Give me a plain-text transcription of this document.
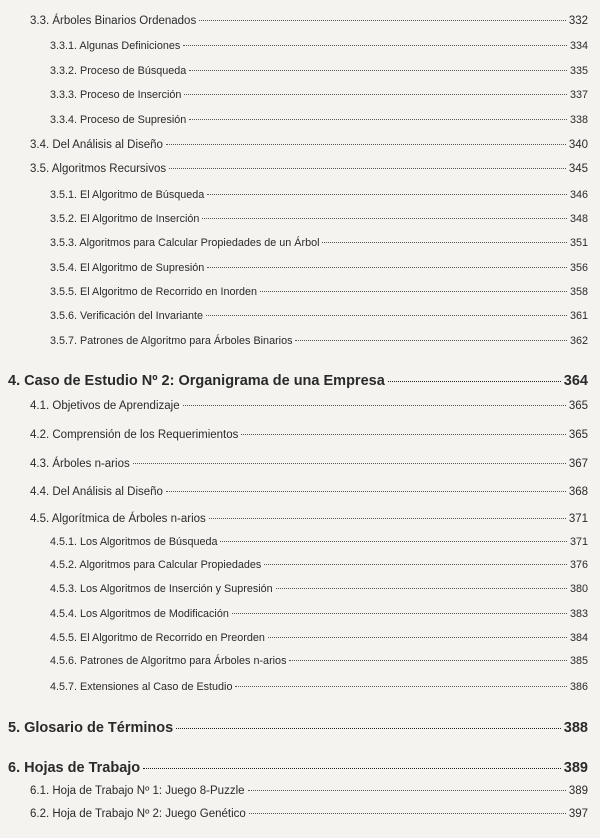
3.3. Árboles Binarios Ordenados	332
3.3.1. Algunas Definiciones	334
3.3.2. Proceso de Búsqueda	335
3.3.3. Proceso de Inserción	337
3.3.4. Proceso de Supresión	338
3.4. Del Análisis al Diseño	340
3.5. Algoritmos Recursivos	345
3.5.1. El Algoritmo de Búsqueda	346
3.5.2. El Algoritmo de Inserción	348
3.5.3. Algoritmos para Calcular Propiedades de un Árbol	351
3.5.4. El Algoritmo de Supresión	356
3.5.5. El Algoritmo de Recorrido en Inorden	358
3.5.6. Verificación del Invariante	361
3.5.7. Patrones de Algoritmo para Árboles Binarios	362
4. Caso de Estudio Nº 2: Organigrama de una Empresa	364
4.1. Objetivos de Aprendizaje	365
4.2. Comprensión de los Requerimientos	365
4.3. Árboles n-arios	367
4.4. Del Análisis al Diseño	368
4.5. Algorítmica de Árboles n-arios	371
4.5.1. Los Algoritmos de Búsqueda	371
4.5.2. Algoritmos para Calcular Propiedades	376
4.5.3. Los Algoritmos de Inserción y Supresión	380
4.5.4. Los Algoritmos de Modificación	383
4.5.5. El Algoritmo de Recorrido en Preorden	384
4.5.6. Patrones de Algoritmo para Árboles n-arios	385
4.5.7. Extensiones al Caso de Estudio	386
5. Glosario de Términos	388
6. Hojas de Trabajo	389
6.1. Hoja de Trabajo Nº 1: Juego 8-Puzzle	389
6.2. Hoja de Trabajo Nº 2: Juego Genético	397
